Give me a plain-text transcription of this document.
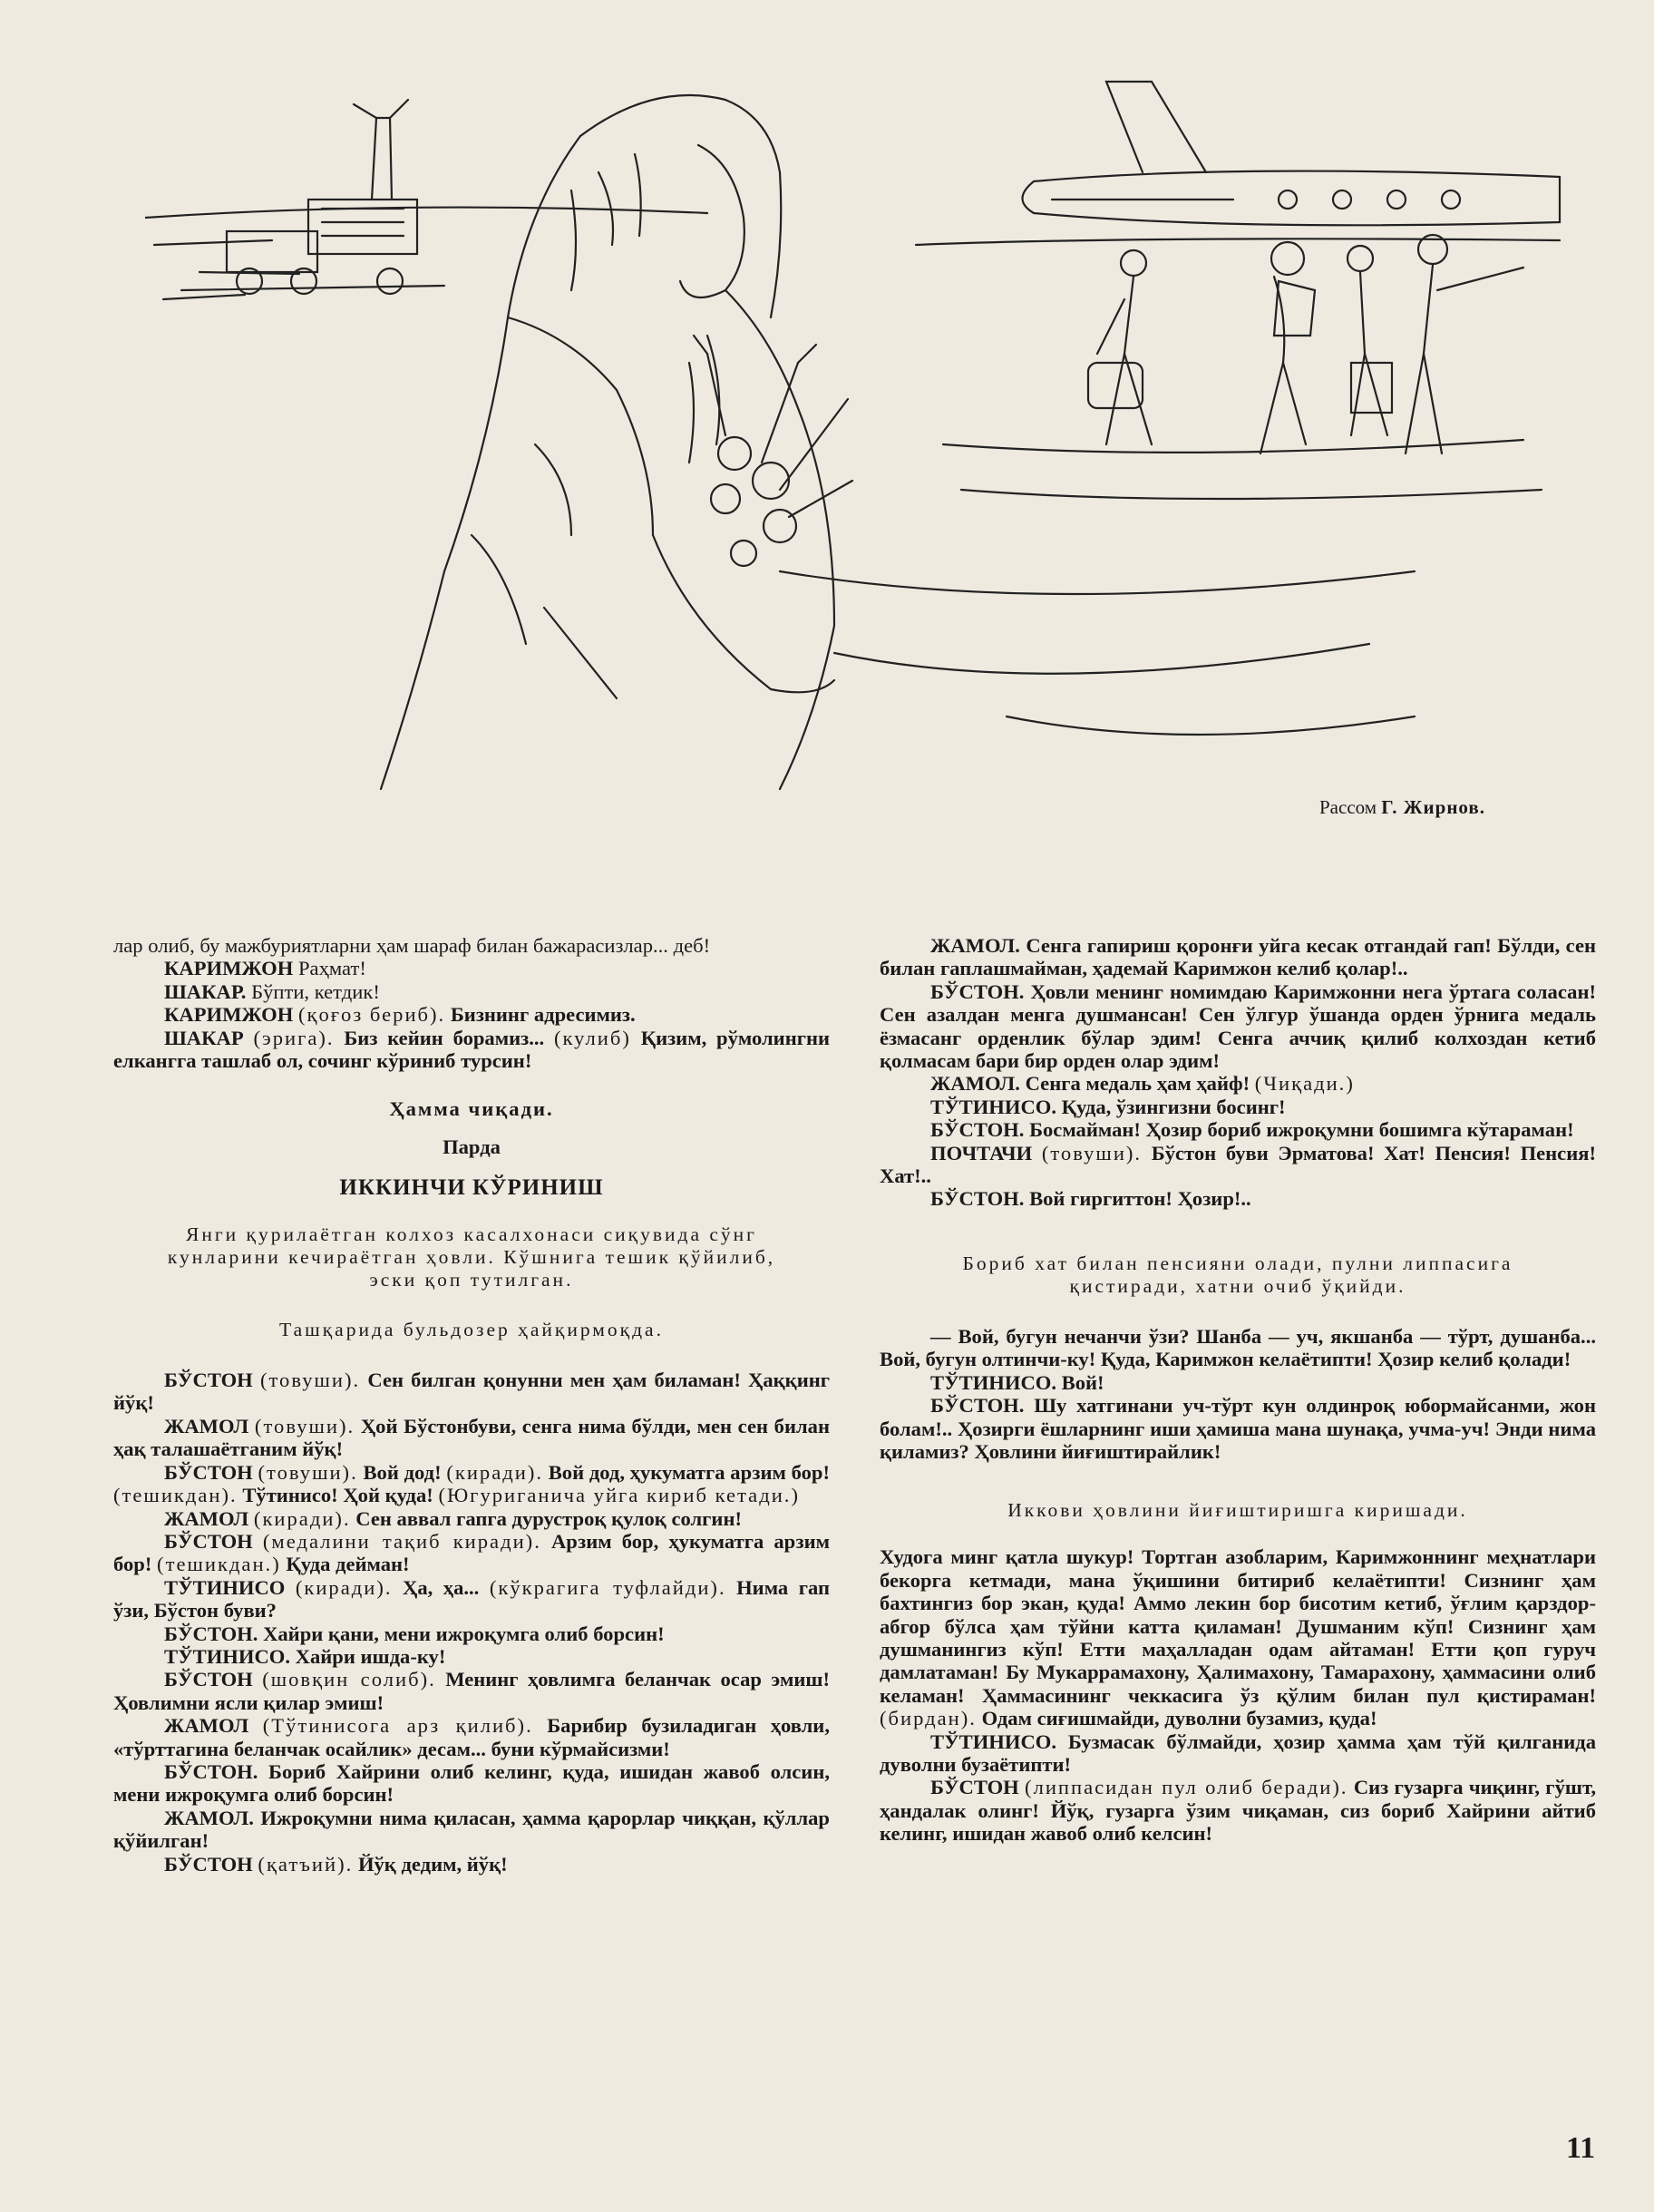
Рассом Г. Жирнов.

лар олиб, бу мажбуриятларни ҳам шараф билан бажарасизлар... деб!

КАРИМЖОН Раҳмат!

ШАКАР. Бўпти, кетдик!

КАРИМЖОН (қоғоз бериб). Бизнинг адресимиз.

ШАКАР (эрига). Биз кейин борамиз... (кулиб) Қизим, рўмолингни елкангга ташлаб ол, сочинг кўриниб турсин!

Ҳамма чиқади.

Парда

ИККИНЧИ КЎРИНИШ

Янги қурилаётган колхоз касалхонаси сиқувида сўнг кунларини кечираётган ҳовли. Кўшнига тешик қўйилиб, эски қоп тутилган.

Ташқарида бульдозер ҳайқирмоқда.

БЎСТОН (товуши). Сен билган қонунни мен ҳам биламан! Ҳаққинг йўқ!

ЖАМОЛ (товуши). Ҳой Бўстонбуви, сенга нима бўлди, мен сен билан ҳақ талашаётганим йўқ!

БЎСТОН (товуши). Вой дод! (киради). Вой дод, ҳукуматга арзим бор! (тешикдан). Тўтинисо! Ҳой қуда! (Югуриганича уйга кириб кетади.)

ЖАМОЛ (киради). Сен аввал гапга дурустроқ қулоқ солгин!

БЎСТОН (медалини тақиб киради). Арзим бор, ҳукуматга арзим бор! (тешикдан.) Қуда дейман!

ТЎТИНИСО (киради). Ҳа, ҳа... (кўкрагига туфлайди). Нима гап ўзи, Бўстон буви?

БЎСТОН. Хайри қани, мени ижроқумга олиб борсин!

ТЎТИНИСО. Хайри ишда-ку!

БЎСТОН (шовқин солиб). Менинг ҳовлимга беланчак осар эмиш! Ҳовлимни ясли қилар эмиш!

ЖАМОЛ (Тўтинисога арз қилиб). Барибир бузиладиган ҳовли, «тўрттагина беланчак осайлик» десам... буни кўрмайсизми!

БЎСТОН. Бориб Хайрини олиб келинг, қуда, ишидан жавоб олсин, мени ижроқумга олиб борсин!

ЖАМОЛ. Ижроқумни нима қиласан, ҳамма қарорлар чиққан, қўллар қўйилган!

БЎСТОН (қатъий). Йўқ дедим, йўқ!

ЖАМОЛ. Сенга гапириш қоронғи уйга кесак отгандай гап! Бўлди, сен билан гаплашмайман, ҳадемай Каримжон келиб қолар!..

БЎСТОН. Ҳовли менинг номимдаю Каримжонни нега ўртага соласан! Сен азалдан менга душмансан! Сен ўлгур ўшанда орден ўрнига медаль ёзмасанг орденлик бўлар эдим! Сенга аччиқ қилиб колхоздан кетиб қолмасам бари бир орден олар эдим!

ЖАМОЛ. Сенга медаль ҳам ҳайф! (Чиқади.)

ТЎТИНИСО. Қуда, ўзингизни босинг!

БЎСТОН. Босмайман! Ҳозир бориб ижроқумни бошимга кўтараман!

ПОЧТАЧИ (товуши). Бўстон буви Эрматова! Хат! Пенсия! Пенсия! Хат!..

БЎСТОН. Вой гиргиттон! Ҳозир!..

Бориб хат билан пенсияни олади, пулни липпасига қистиради, хатни очиб ўқийди.

— Вой, бугун нечанчи ўзи? Шанба — уч, якшанба — тўрт, душанба... Вой, бугун олтинчи-ку! Қуда, Каримжон келаётипти! Ҳозир келиб қолади!

ТЎТИНИСО. Вой!

БЎСТОН. Шу хатгинани уч-тўрт кун олдинроқ юбормайсанми, жон болам!.. Ҳозирги ёшларнинг иши ҳамиша мана шунақа, учма-уч! Энди нима қиламиз? Ҳовлини йиғиштирайлик!

Иккови ҳовлини йиғиштиришга киришади.

Худога минг қатла шукур! Тортган азобларим, Каримжоннинг меҳнатлари бекорга кетмади, мана ўқишини битириб келаётипти! Сизнинг ҳам бахтингиз бор экан, қуда! Аммо лекин бор бисотим кетиб, ўғлим қарздор-абгор бўлса ҳам тўйни катта қиламан! Душманим кўп! Сизнинг ҳам душманингиз кўп! Етти маҳалладан одам айтаман! Етти қоп гуруч дамлатаман! Бу Мукаррамахону, Ҳалимахону, Тамарахону, ҳаммасини олиб келаман! Ҳаммасининг чеккасига ўз қўлим билан пул қистираман! (бирдан). Одам сиғишмайди, дуволни бузамиз, қуда!

ТЎТИНИСО. Бузмасак бўлмайди, ҳозир ҳамма ҳам тўй қилганида дуволни бузаётипти!

БЎСТОН (липпасидан пул олиб беради). Сиз гузарга чиқинг, гўшт, ҳандалак олинг! Йўқ, гузарга ўзим чиқаман, сиз бориб Хайрини айтиб келинг, ишидан жавоб олиб келсин!

11
